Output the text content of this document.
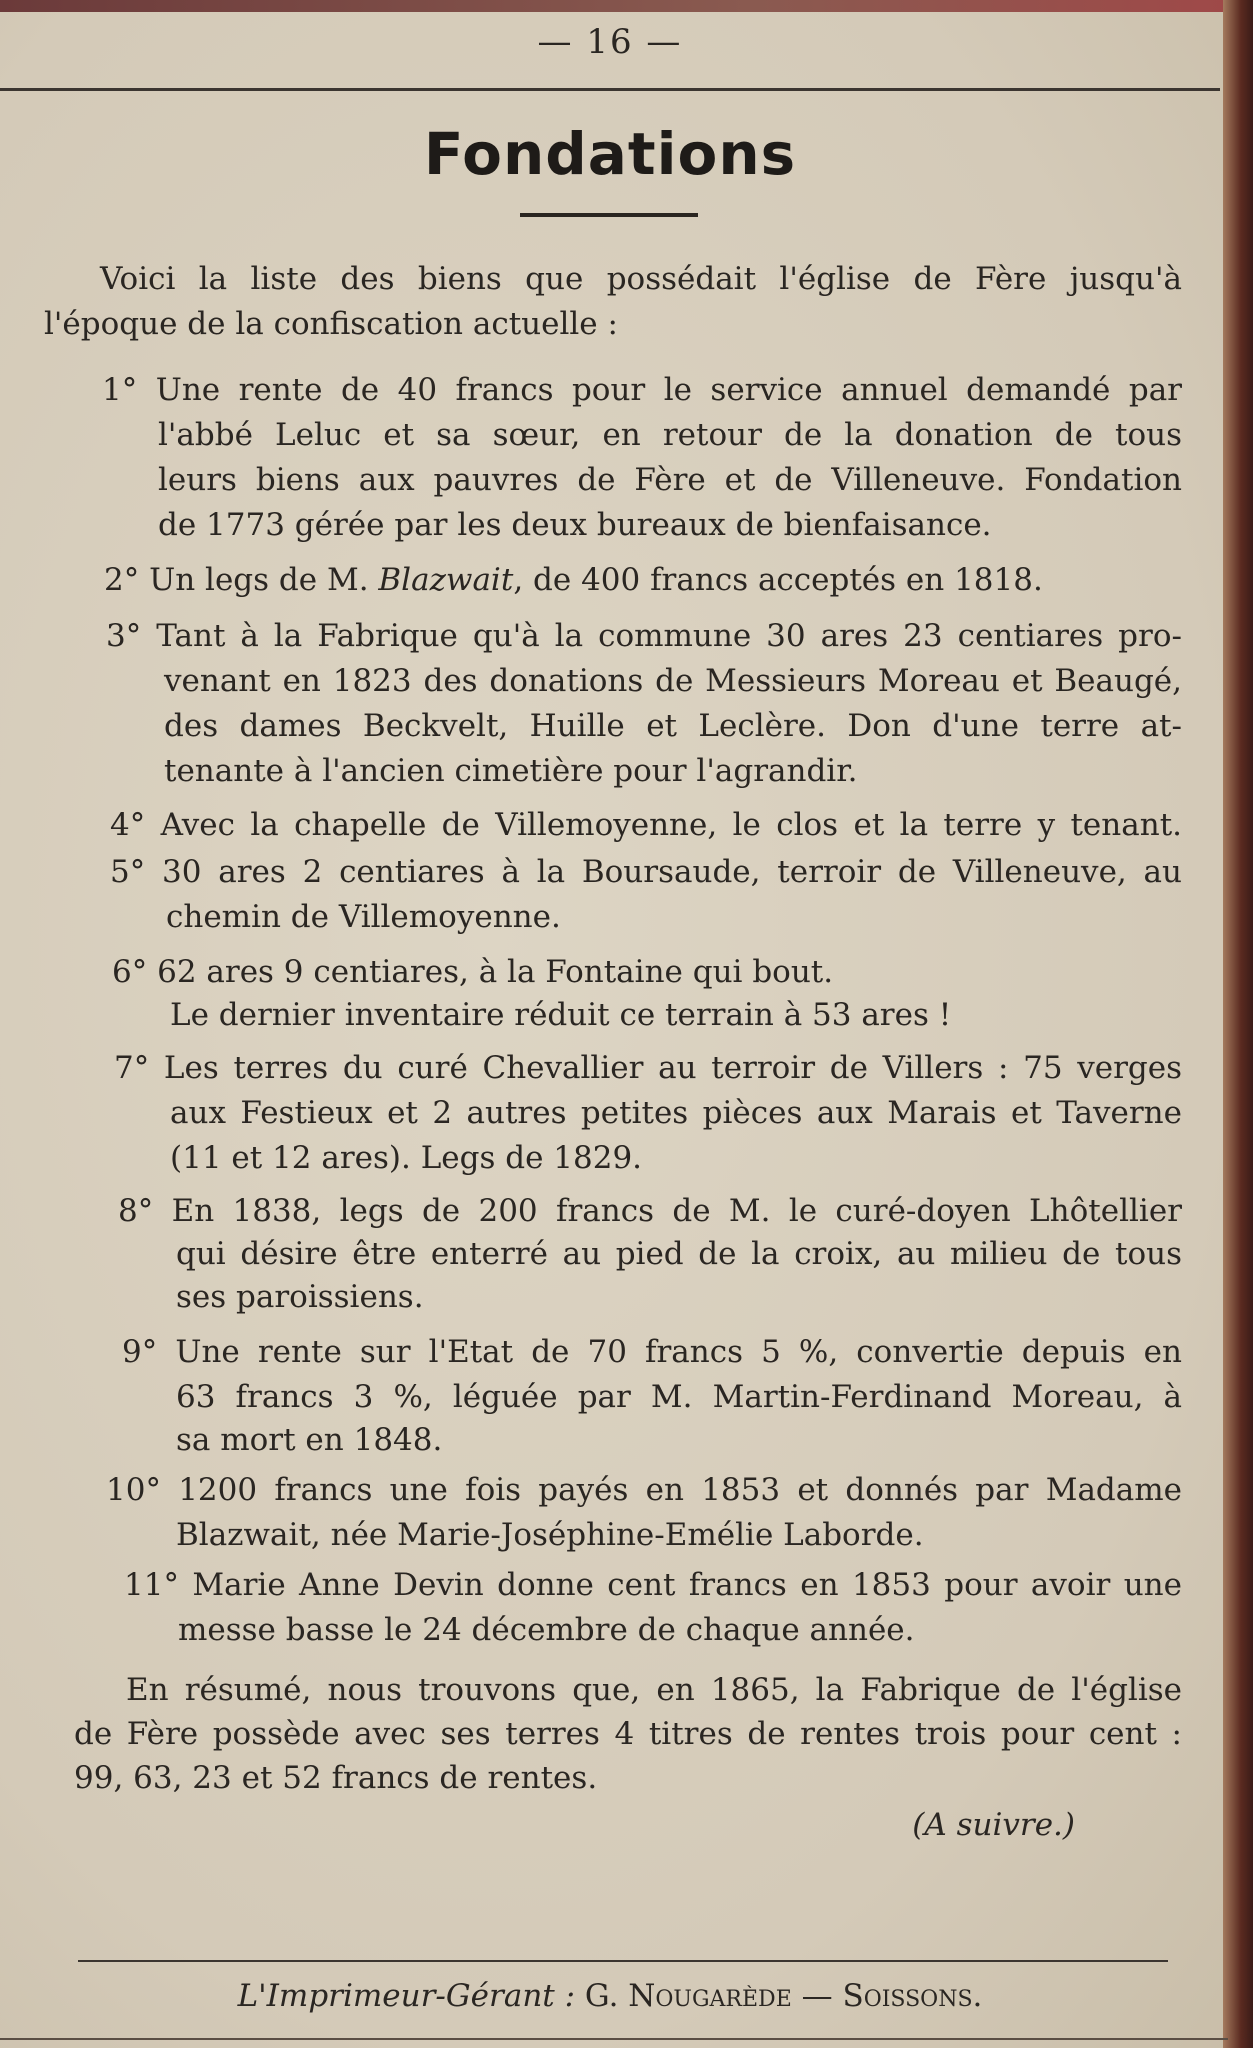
— 16 —
Fondations
Voici la liste des biens que possédait l'église de Fère jusqu'à
l'époque de la confiscation actuelle :
1° Une rente de 40 francs pour le service annuel demandé par
l'abbé Leluc et sa sœur, en retour de la donation de tous
leurs biens aux pauvres de Fère et de Villeneuve. Fondation
de 1773 gérée par les deux bureaux de bienfaisance.
2° Un legs de M. Blazwait, de 400 francs acceptés en 1818.
3° Tant à la Fabrique qu'à la commune 30 ares 23 centiares pro-
venant en 1823 des donations de Messieurs Moreau et Beaugé,
des dames Beckvelt, Huille et Leclère. Don d'une terre at-
tenante à l'ancien cimetière pour l'agrandir.
4° Avec la chapelle de Villemoyenne, le clos et la terre y tenant.
5° 30 ares 2 centiares à la Boursaude, terroir de Villeneuve, au
chemin de Villemoyenne.
6° 62 ares 9 centiares, à la Fontaine qui bout.
Le dernier inventaire réduit ce terrain à 53 ares !
7° Les terres du curé Chevallier au terroir de Villers : 75 verges
aux Festieux et 2 autres petites pièces aux Marais et Taverne
(11 et 12 ares). Legs de 1829.
8° En 1838, legs de 200 francs de M. le curé-doyen Lhôtellier
qui désire être enterré au pied de la croix, au milieu de tous
ses paroissiens.
9° Une rente sur l'Etat de 70 francs 5 %, convertie depuis en
63 francs 3 %, léguée par M. Martin-Ferdinand Moreau, à
sa mort en 1848.
10° 1200 francs une fois payés en 1853 et donnés par Madame
Blazwait, née Marie-Joséphine-Emélie Laborde.
11° Marie Anne Devin donne cent francs en 1853 pour avoir une
messe basse le 24 décembre de chaque année.
En résumé, nous trouvons que, en 1865, la Fabrique de l'église
de Fère possède avec ses terres 4 titres de rentes trois pour cent :
99, 63, 23 et 52 francs de rentes.
(A suivre.)
L'Imprimeur-Gérant : G. Nougarède — Soissons.
